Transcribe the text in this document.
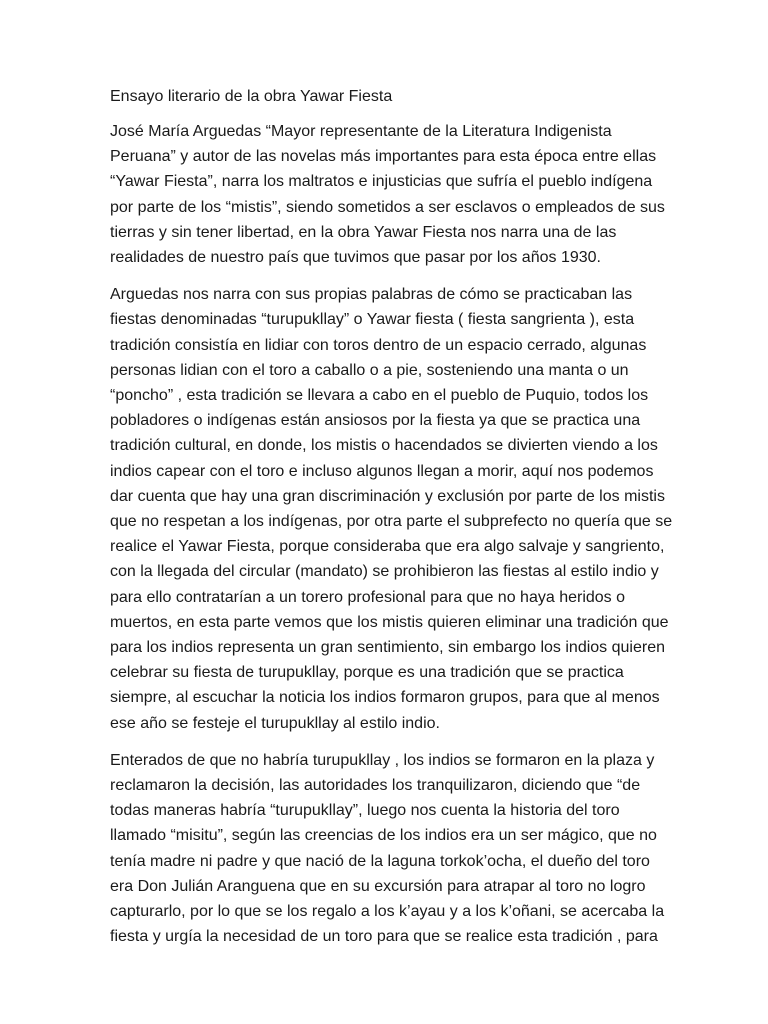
Ensayo literario de la obra Yawar Fiesta
José María Arguedas “Mayor representante de la Literatura Indigenista
Peruana” y autor de las novelas más importantes para esta época entre ellas
“Yawar Fiesta”, narra los maltratos e injusticias que sufría el pueblo indígena
por parte de los “mistis”, siendo sometidos a ser esclavos o empleados de sus
tierras y sin tener libertad, en la obra Yawar Fiesta nos narra una de las
realidades de nuestro país que tuvimos que pasar por los años 1930.
Arguedas nos narra con sus propias palabras de cómo se practicaban las
fiestas denominadas “turupukllay” o Yawar fiesta ( fiesta sangrienta ), esta
tradición consistía en lidiar con toros dentro de un espacio cerrado, algunas
personas lidian con el toro a caballo o a pie, sosteniendo una manta o un
“poncho” , esta tradición se llevara a cabo en el pueblo de Puquio, todos los
pobladores o indígenas están ansiosos por la fiesta ya que se practica una
tradición cultural, en donde, los mistis o hacendados se divierten viendo a los
indios capear con el toro e incluso algunos llegan a morir, aquí nos podemos
dar cuenta que hay una gran discriminación y exclusión por parte de los mistis
que no respetan a los indígenas, por otra parte el subprefecto no quería que se
realice el Yawar Fiesta, porque consideraba que era algo salvaje y sangriento,
con la llegada del circular (mandato) se prohibieron las fiestas al estilo indio y
para ello contratarían a un torero profesional para que no haya heridos o
muertos, en esta parte vemos que los mistis quieren eliminar una tradición que
para los indios representa un gran sentimiento, sin embargo los indios quieren
celebrar su fiesta de turupukllay, porque es una tradición que se practica
siempre, al escuchar la noticia los indios formaron grupos, para que al menos
ese año se festeje el turupukllay al estilo indio.
Enterados de que no habría turupukllay , los indios se formaron en la plaza y
reclamaron la decisión, las autoridades los tranquilizaron, diciendo que “de
todas maneras habría “turupukllay”, luego nos cuenta la historia del toro
llamado “misitu”, según las creencias de los indios era un ser mágico, que no
tenía madre ni padre y que nació de la laguna torkok’ocha, el dueño del toro
era Don Julián Aranguena que en su excursión para atrapar al toro no logro
capturarlo, por lo que se los regalo a los k’ayau y a los k’oñani, se acercaba la
fiesta y urgía la necesidad de un toro para que se realice esta tradición , para
